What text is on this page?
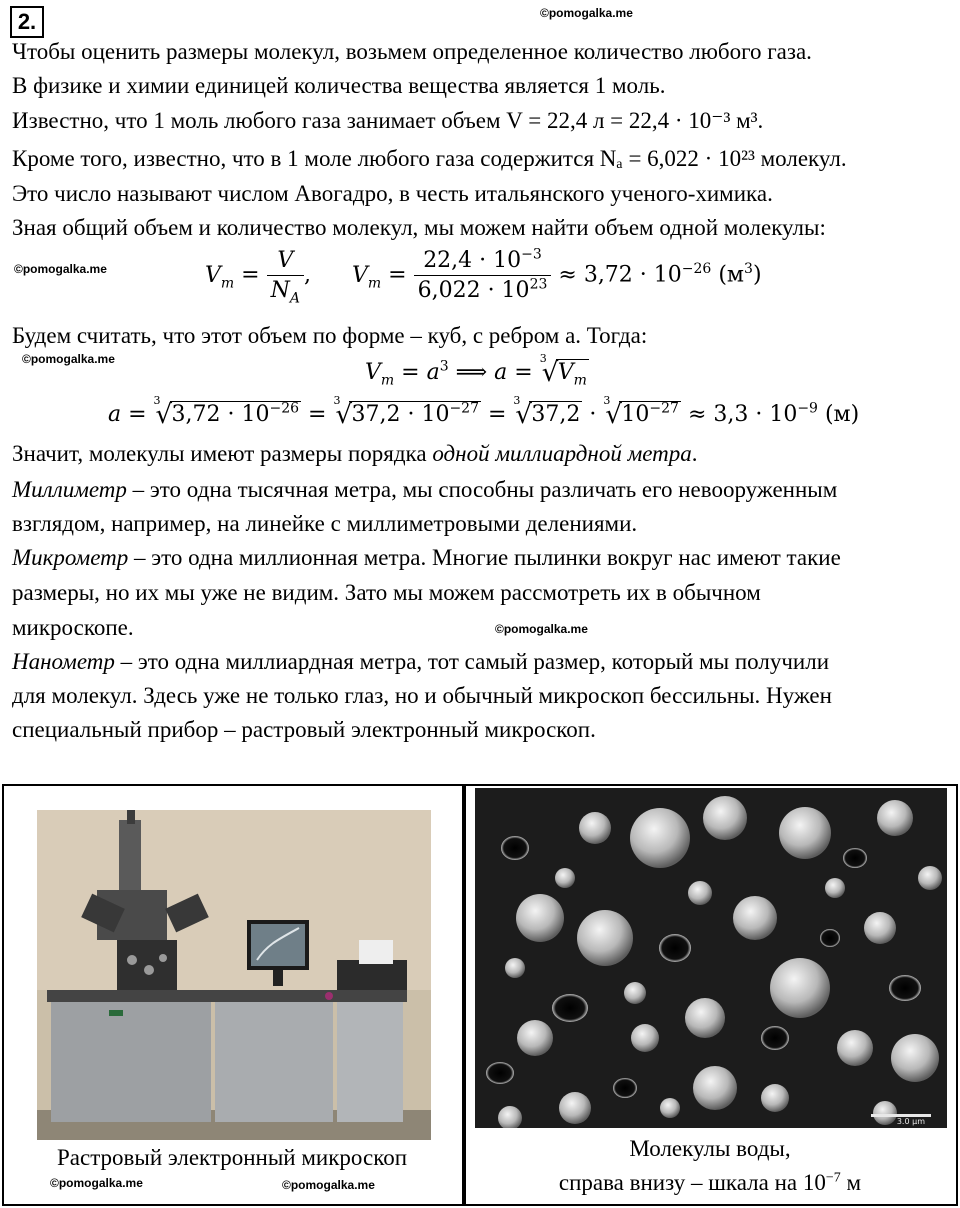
2.	©pomogalka.me
Чтобы оценить размеры молекул, возьмем определенное количество любого газа.
В физике и химии единицей количества вещества является 1 моль.
Известно, что 1 моль любого газа занимает объем V = 22,4 л = 22,4 · 10⁻³ м³.
Кроме того, известно, что в 1 моле любого газа содержится Nₐ = 6,022 · 10²³ молекул.
Это число называют числом Авогадро, в честь итальянского ученого-химика.
Зная общий объем и количество молекул, мы можем найти объем одной молекулы:
©pomogalka.me	$V_m = \frac{V}{N_A}$ , $V_m = \frac{22,4 \cdot 10^{-3}}{6,022 \cdot 10^{23}} \approx 3,72 \cdot 10^{-26}$ $(м^3)$
Будем считать, что этот объем по форме – куб, с ребром a. Тогда:
©pomogalka.me
$V_m = a^3$ ⟹ a =
√ 3
$V_m$
a =
√ 3
$3,72 \cdot 10^{-26}$ =
√ 3
$37,2 \cdot 10^{-27}$ =
√ 3
37,2 ·
√ 3
$10^{-27} \approx 3,3 \cdot 10^{-9}$ (м)
Значит, молекулы имеют размеры порядка одной миллиардной метра.
Миллиметр – это одна тысячная метра, мы способны различать его невооруженным
взглядом, например, на линейке с миллиметровыми делениями.
Микрометр – это одна миллионная метра. Многие пылинки вокруг нас имеют такие
размеры, но их мы уже не видим. Зато мы можем рассмотреть их в обычном
микроскопе.	©pomogalka.me
Нанометр – это одна миллиардная метра, тот самый размер, который мы получили
для молекул. Здесь уже не только глаз, но и обычный микроскоп бессильны. Нужен
специальный прибор – растровый электронный микроскоп.
Растровый электронный микроскоп
©pomogalka.me	©pomogalka.me
3.0 µm
Молекулы воды,
справа внизу – шкала на $10^{-7}$ м
